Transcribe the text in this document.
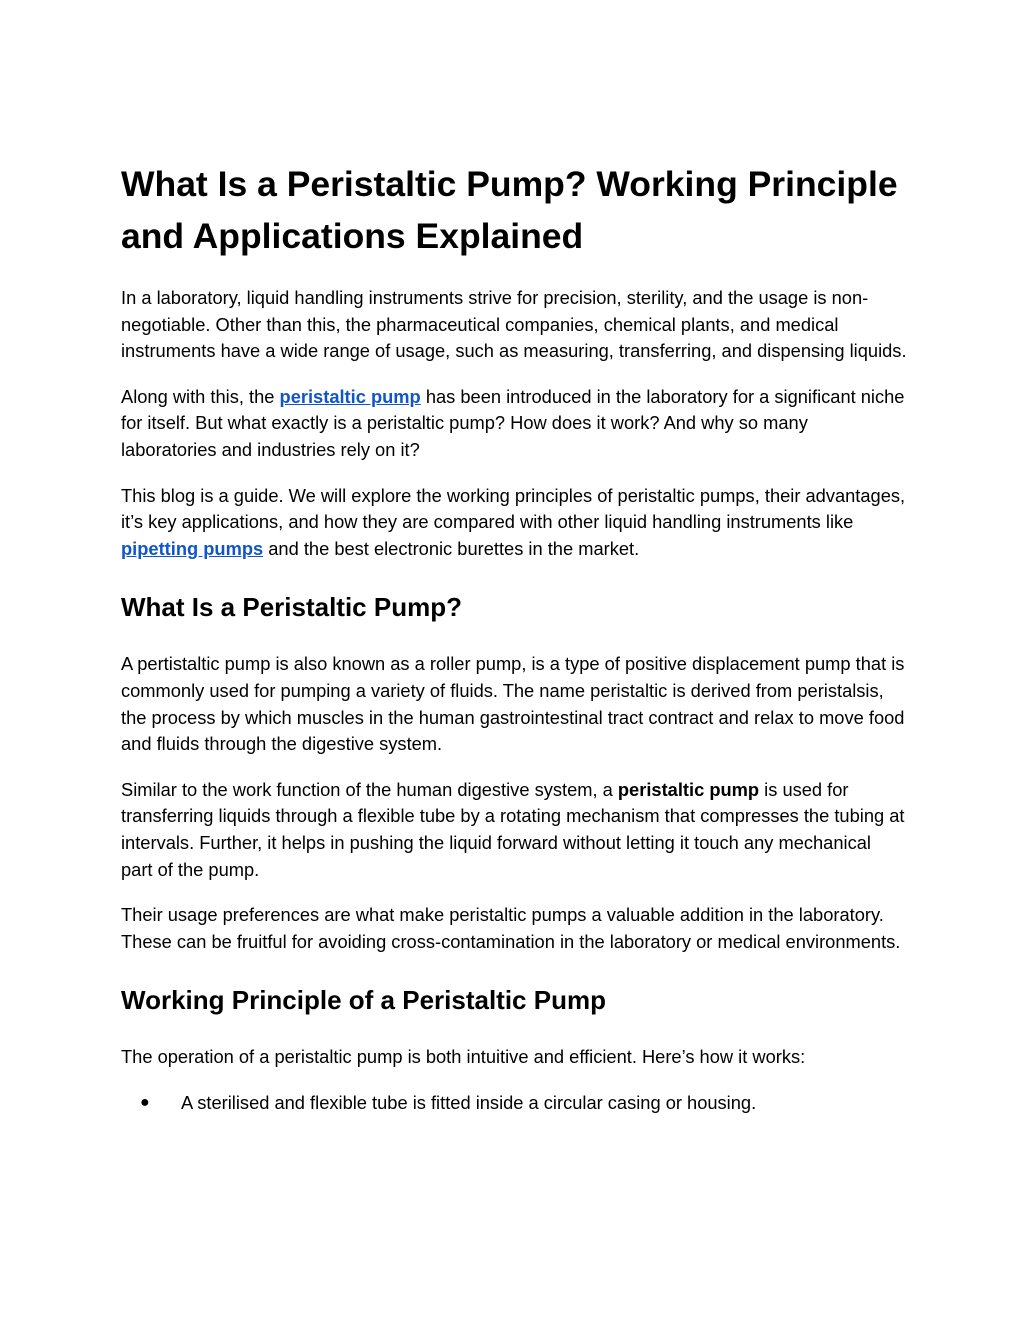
What Is a Peristaltic Pump? Working Principle and Applications Explained

In a laboratory, liquid handling instruments strive for precision, sterility, and the usage is non-negotiable. Other than this, the pharmaceutical companies, chemical plants, and medical instruments have a wide range of usage, such as measuring, transferring, and dispensing liquids.

Along with this, the peristaltic pump has been introduced in the laboratory for a significant niche for itself. But what exactly is a peristaltic pump? How does it work? And why so many laboratories and industries rely on it?

This blog is a guide. We will explore the working principles of peristaltic pumps, their advantages, it’s key applications, and how they are compared with other liquid handling instruments like pipetting pumps and the best electronic burettes in the market.

What Is a Peristaltic Pump?

A pertistaltic pump is also known as a roller pump, is a type of positive displacement pump that is commonly used for pumping a variety of fluids. The name peristaltic is derived from peristalsis, the process by which muscles in the human gastrointestinal tract contract and relax to move food and fluids through the digestive system.

Similar to the work function of the human digestive system, a peristaltic pump is used for transferring liquids through a flexible tube by a rotating mechanism that compresses the tubing at intervals. Further, it helps in pushing the liquid forward without letting it touch any mechanical part of the pump.

Their usage preferences are what make peristaltic pumps a valuable addition in the laboratory. These can be fruitful for avoiding cross-contamination in the laboratory or medical environments.

Working Principle of a Peristaltic Pump

The operation of a peristaltic pump is both intuitive and efficient. Here’s how it works:

● A sterilised and flexible tube is fitted inside a circular casing or housing.
